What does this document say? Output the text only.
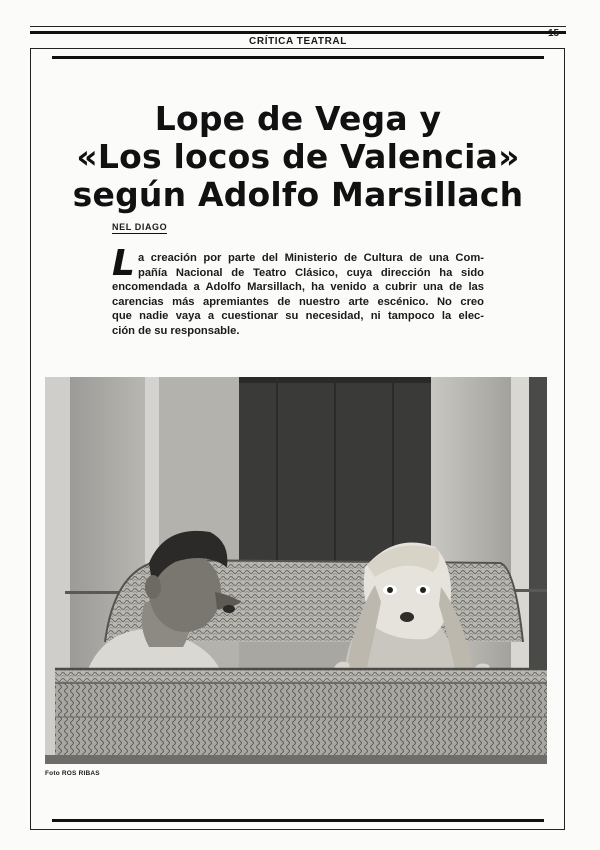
15
CRÍTICA TEATRAL
Lope de Vega y
«Los locos de Valencia»
según Adolfo Marsillach
NEL DIAGO
L a creación por parte del Ministerio de Cultura de una Com-
pañía Nacional de Teatro Clásico, cuya dirección ha sido
encomendada a Adolfo Marsillach, ha venido a cubrir una de las
carencias más apremiantes de nuestro arte escénico. No creo
que nadie vaya a cuestionar su necesidad, ni tampoco la elec-
ción de su responsable.
Foto ROS RIBAS
